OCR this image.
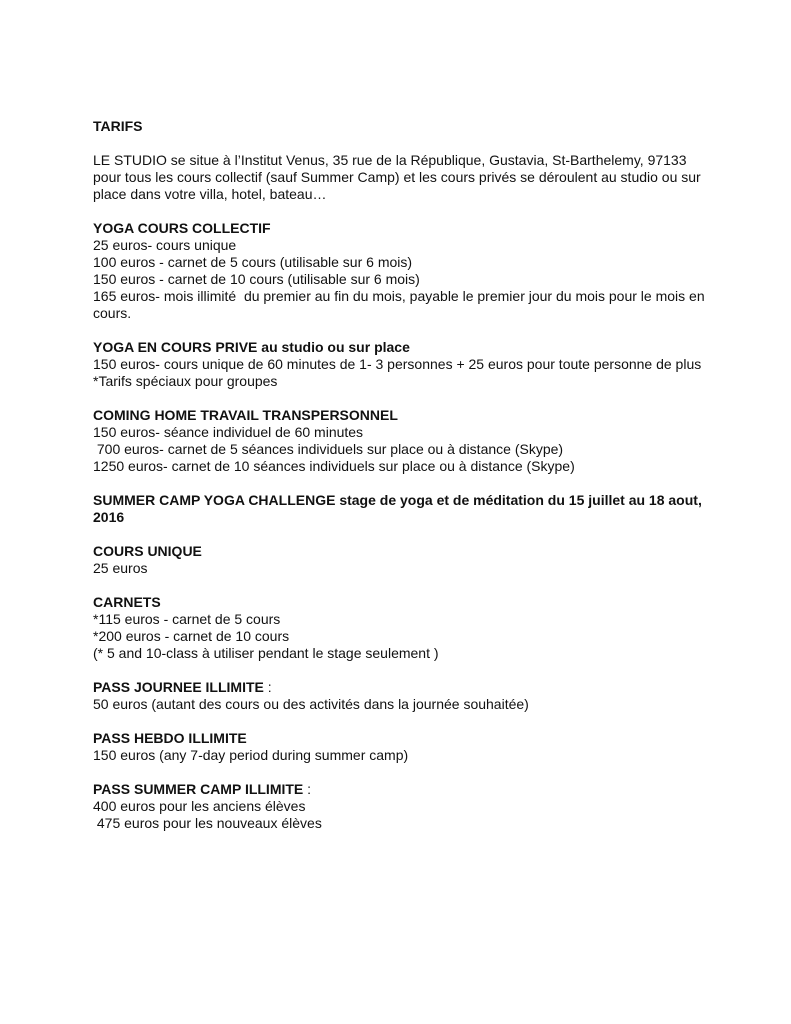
TARIFS

LE STUDIO se situe à l’Institut Venus, 35 rue de la République, Gustavia, St-Barthelemy, 97133 pour tous les cours collectif (sauf Summer Camp) et les cours privés se déroulent au studio ou sur place dans votre villa, hotel, bateau…

YOGA COURS COLLECTIF
25 euros- cours unique
100 euros - carnet de 5 cours (utilisable sur 6 mois)
150 euros - carnet de 10 cours (utilisable sur 6 mois)
165 euros- mois illimité  du premier au fin du mois, payable le premier jour du mois pour le mois en cours.
YOGA EN COURS PRIVE au studio ou sur place
150 euros- cours unique de 60 minutes de 1- 3 personnes + 25 euros pour toute personne de plus
*Tarifs spéciaux pour groupes
COMING HOME TRAVAIL TRANSPERSONNEL
150 euros- séance individuel de 60 minutes
700 euros- carnet de 5 séances individuels sur place ou à distance (Skype)
1250 euros- carnet de 10 séances individuels sur place ou à distance (Skype)
SUMMER CAMP YOGA CHALLENGE stage de yoga et de méditation du 15 juillet au 18 aout, 2016
COURS UNIQUE
25 euros
CARNETS
*115 euros - carnet de 5 cours
*200 euros - carnet de 10 cours
(* 5 and 10-class à utiliser pendant le stage seulement )
PASS JOURNEE ILLIMITE :
50 euros (autant des cours ou des activités dans la journée souhaitée)
PASS HEBDO ILLIMITE
150 euros (any 7-day period during summer camp)
PASS SUMMER CAMP ILLIMITE :
400 euros pour les anciens élèves
475 euros pour les nouveaux élèves
